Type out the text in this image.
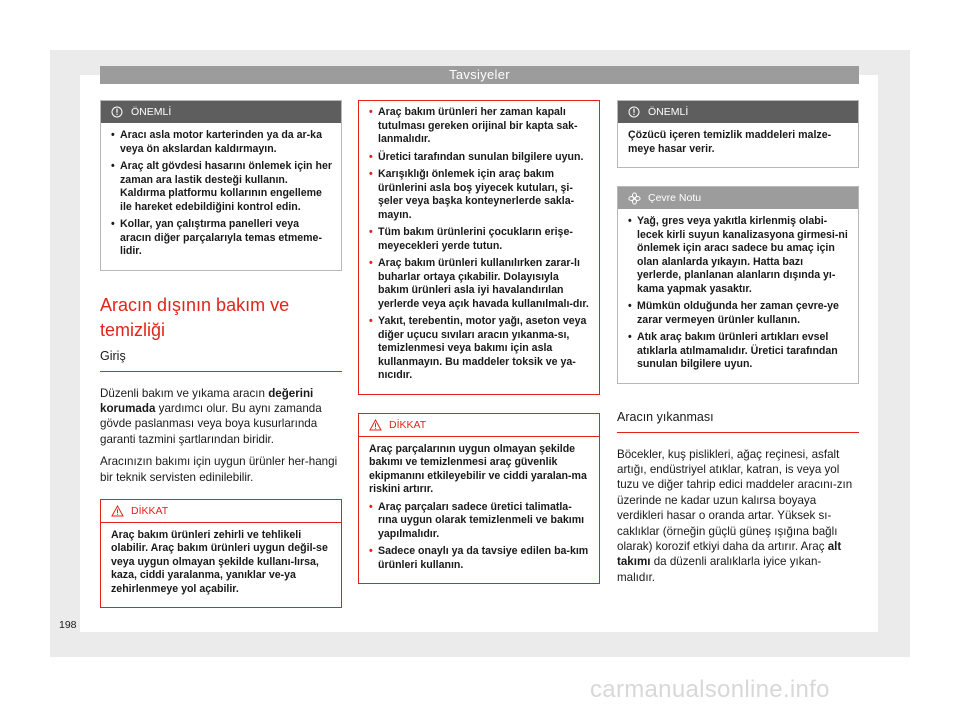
Tavsiyeler
ÖNEMLİ
• Aracı asla motor karterinden ya da ar-ka veya ön akslardan kaldırmayın.
• Araç alt gövdesi hasarını önlemek için her zaman ara lastik desteği kullanın. Kaldırma platformu kollarının engelleme ile hareket edebildiğini kontrol edin.
• Kollar, yan çalıştırma panelleri veya aracın diğer parçalarıyla temas etmeme-lidir.
Aracın dışının bakım ve temizliği
Giriş

Düzenli bakım ve yıkama aracın değerini korumada yardımcı olur. Bu aynı zamanda gövde paslanması veya boya kusurlarında garanti tazmini şartlarından biridir.

Aracınızın bakımı için uygun ürünler her-hangi bir teknik servisten edinilebilir.

DİKKAT

Araç bakım ürünleri zehirli ve tehlikeli olabilir. Araç bakım ürünleri uygun değil-se veya uygun olmayan şekilde kullanı-lırsa, kaza, ciddi yaralanma, yanıklar ve-ya zehirlenmeye yol açabilir.

• Araç bakım ürünleri her zaman kapalı tutulması gereken orijinal bir kapta sak-lanmalıdır.
• Üretici tarafından sunulan bilgilere uyun.
• Karışıklığı önlemek için araç bakım ürünlerini asla boş yiyecek kutuları, şi-şeler veya başka konteynerlerde sakla-mayın.
• Tüm bakım ürünlerini çocukların erişe-meyecekleri yerde tutun.
• Araç bakım ürünleri kullanılırken zarar-lı buharlar ortaya çıkabilir. Dolayısıyla bakım ürünleri asla iyi havalandırılan yerlerde veya açık havada kullanılmalı-dır.
• Yakıt, terebentin, motor yağı, aseton veya diğer uçucu sıvıları aracın yıkanma-sı, temizlenmesi veya bakımı için asla kullanmayın. Bu maddeler toksik ve ya-nıcıdır.
DİKKAT

Araç parçalarının uygun olmayan şekilde bakımı ve temizlenmesi araç güvenlik ekipmanını etkileyebilir ve ciddi yaralan-ma riskini artırır.

• Araç parçaları sadece üretici talimatla-rına uygun olarak temizlenmeli ve bakımı yapılmalıdır.
• Sadece onaylı ya da tavsiye edilen ba-kım ürünleri kullanın.
ÖNEMLİ

Çözücü içeren temizlik maddeleri malze-meye hasar verir.

Çevre Notu
• Yağ, gres veya yakıtla kirlenmiş olabi-lecek kirli suyun kanalizasyona girmesi-ni önlemek için aracı sadece bu amaç için olan alanlarda yıkayın. Hatta bazı yerlerde, planlanan alanların dışında yı-kama yapmak yasaktır.
• Mümkün olduğunda her zaman çevre-ye zarar vermeyen ürünler kullanın.
• Atık araç bakım ürünleri artıkları evsel atıklarla atılmamalıdır. Üretici tarafından sunulan bilgilere uyun.
Aracın yıkanması

Böcekler, kuş pislikleri, ağaç reçinesi, asfalt artığı, endüstriyel atıklar, katran, is veya yol tuzu ve diğer tahrip edici maddeler aracını-zın üzerinde ne kadar uzun kalırsa boyaya verdikleri hasar o oranda artar. Yüksek sı-caklıklar (örneğin güçlü güneş ışığına bağlı olarak) korozif etkiyi daha da artırır. Araç alt takımı da düzenli aralıklarla iyice yıkan-malıdır.

198
carmanualsonline.info
